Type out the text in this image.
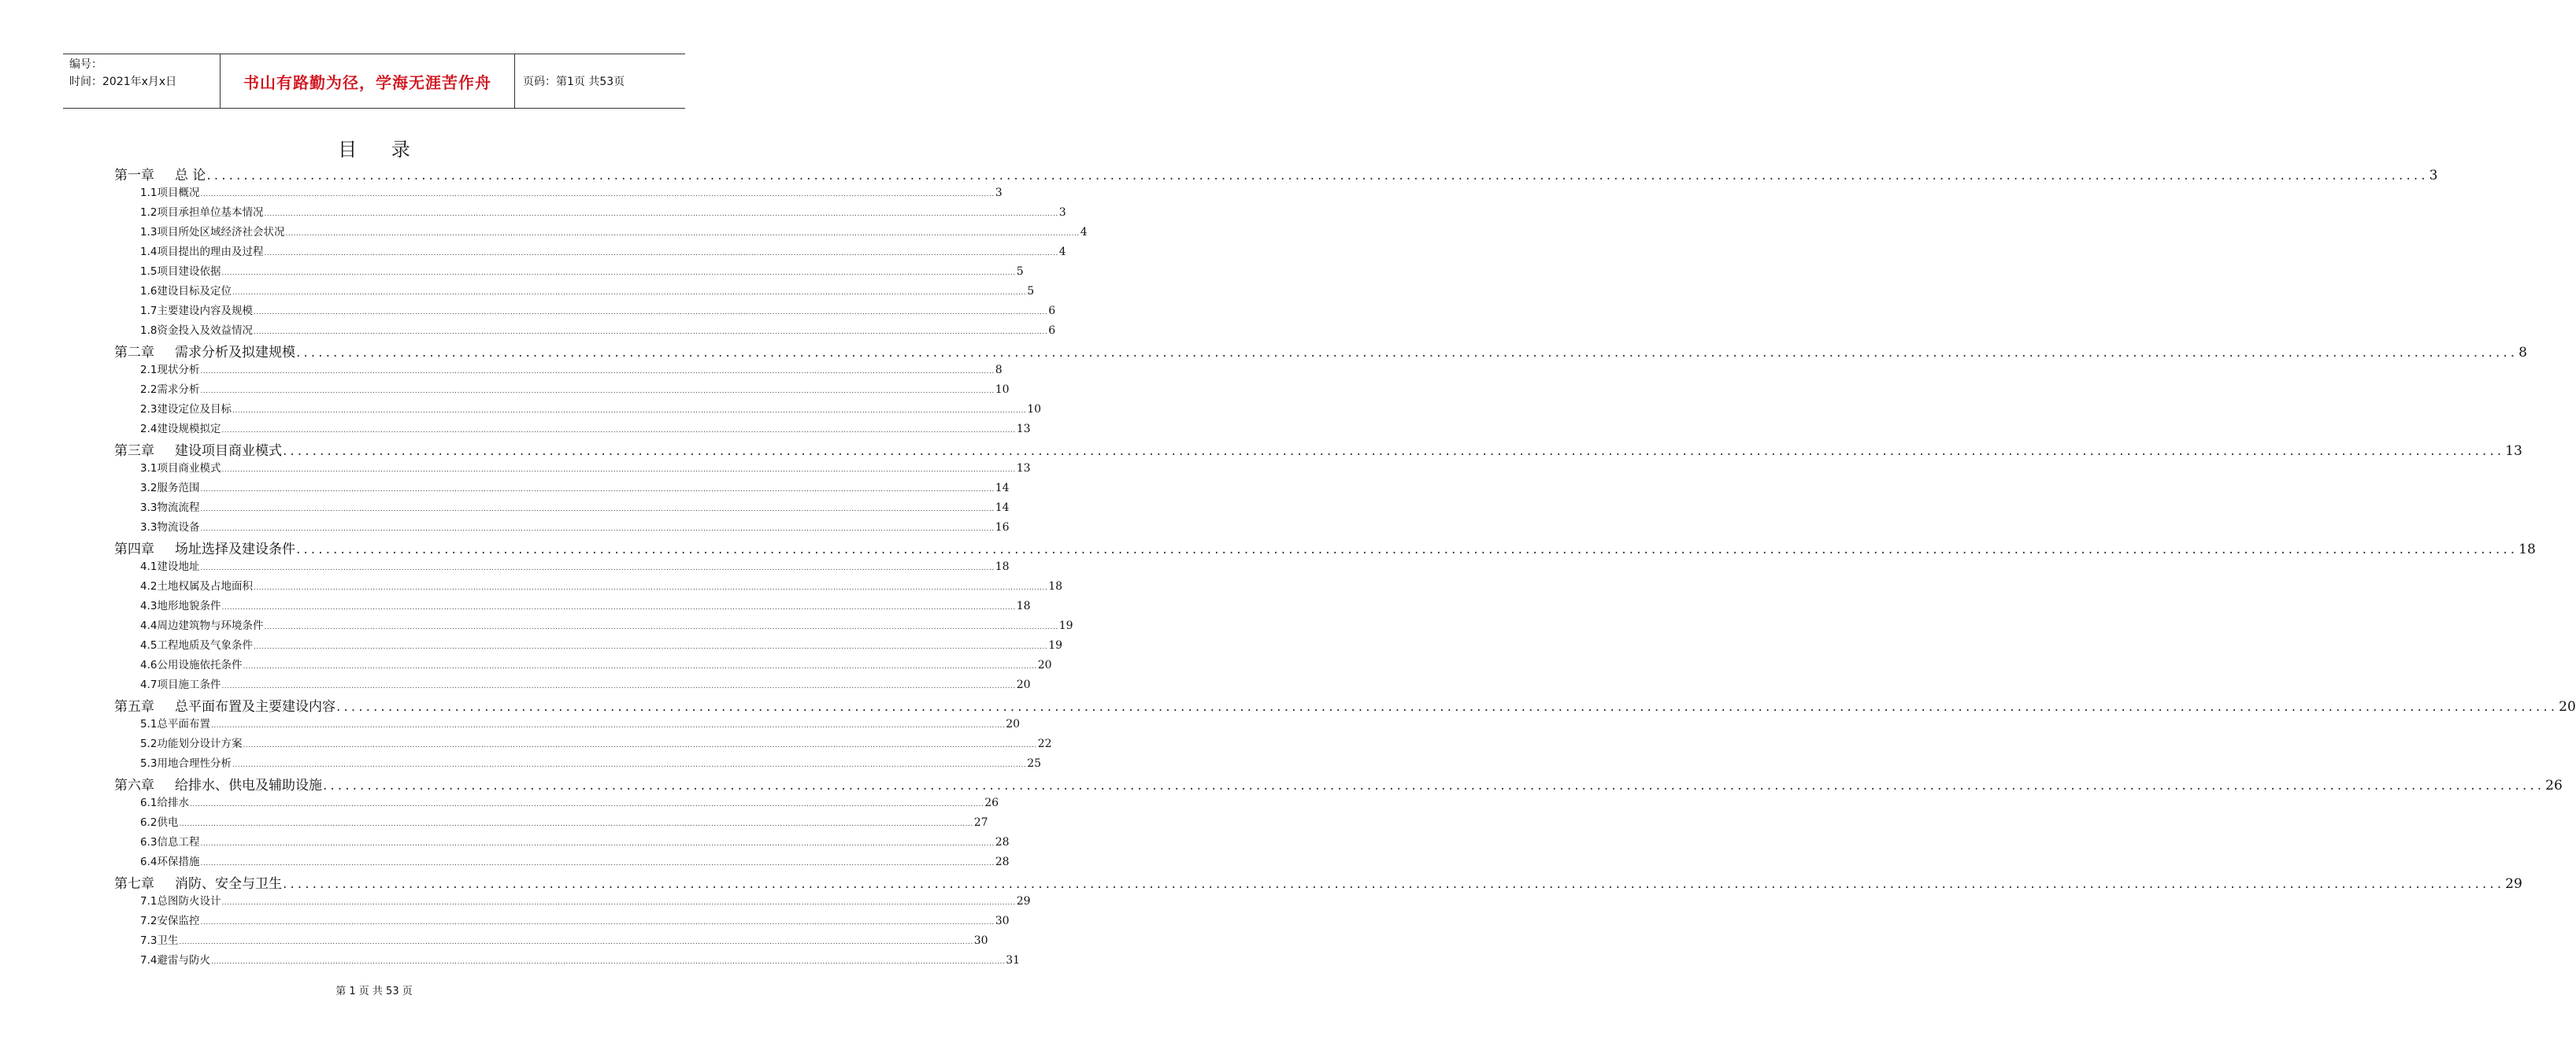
编号：
时间：2021年x月x日	书山有路勤为径，学海无涯苦作舟	页码：第1页 共53页
目 录
第一章 总 论 ............................................................................................................................................................................................................................................................................................................ 3
1.1项目概况 ............................................................................................................................................................................................................................................................................................................ 3
1.2项目承担单位基本情况 ............................................................................................................................................................................................................................................................................................................ 3
1.3项目所处区域经济社会状况 ............................................................................................................................................................................................................................................................................................................ 4
1.4项目提出的理由及过程 ............................................................................................................................................................................................................................................................................................................ 4
1.5项目建设依据 ............................................................................................................................................................................................................................................................................................................ 5
1.6建设目标及定位 ............................................................................................................................................................................................................................................................................................................ 5
1.7主要建设内容及规模 ............................................................................................................................................................................................................................................................................................................ 6
1.8资金投入及效益情况 ............................................................................................................................................................................................................................................................................................................ 6
第二章 需求分析及拟建规模 ............................................................................................................................................................................................................................................................................................................ 8
2.1现状分析 ............................................................................................................................................................................................................................................................................................................ 8
2.2需求分析 ............................................................................................................................................................................................................................................................................................................ 10
2.3建设定位及目标 ............................................................................................................................................................................................................................................................................................................ 10
2.4建设规模拟定 ............................................................................................................................................................................................................................................................................................................ 13
第三章 建设项目商业模式 ............................................................................................................................................................................................................................................................................................................ 13
3.1项目商业模式 ............................................................................................................................................................................................................................................................................................................ 13
3.2服务范围 ............................................................................................................................................................................................................................................................................................................ 14
3.3物流流程 ............................................................................................................................................................................................................................................................................................................ 14
3.3物流设备 ............................................................................................................................................................................................................................................................................................................ 16
第四章 场址选择及建设条件 ............................................................................................................................................................................................................................................................................................................ 18
4.1建设地址 ............................................................................................................................................................................................................................................................................................................ 18
4.2土地权属及占地面积 ............................................................................................................................................................................................................................................................................................................ 18
4.3地形地貌条件 ............................................................................................................................................................................................................................................................................................................ 18
4.4周边建筑物与环境条件 ............................................................................................................................................................................................................................................................................................................ 19
4.5工程地质及气象条件 ............................................................................................................................................................................................................................................................................................................ 19
4.6公用设施依托条件 ............................................................................................................................................................................................................................................................................................................ 20
4.7项目施工条件 ............................................................................................................................................................................................................................................................................................................ 20
第五章 总平面布置及主要建设内容 ............................................................................................................................................................................................................................................................................................................ 20
5.1总平面布置 ............................................................................................................................................................................................................................................................................................................ 20
5.2功能划分设计方案 ............................................................................................................................................................................................................................................................................................................ 22
5.3用地合理性分析 ............................................................................................................................................................................................................................................................................................................ 25
第六章 给排水、供电及辅助设施 ............................................................................................................................................................................................................................................................................................................ 26
6.1给排水 ............................................................................................................................................................................................................................................................................................................ 26
6.2供电 ............................................................................................................................................................................................................................................................................................................ 27
6.3信息工程 ............................................................................................................................................................................................................................................................................................................ 28
6.4环保措施 ............................................................................................................................................................................................................................................................................................................ 28
第七章 消防、安全与卫生 ............................................................................................................................................................................................................................................................................................................ 29
7.1总图防火设计 ............................................................................................................................................................................................................................................................................................................ 29
7.2安保监控 ............................................................................................................................................................................................................................................................................................................ 30
7.3卫生 ............................................................................................................................................................................................................................................................................................................ 30
7.4避雷与防火 ............................................................................................................................................................................................................................................................................................................ 31
第 1 页 共 53 页
